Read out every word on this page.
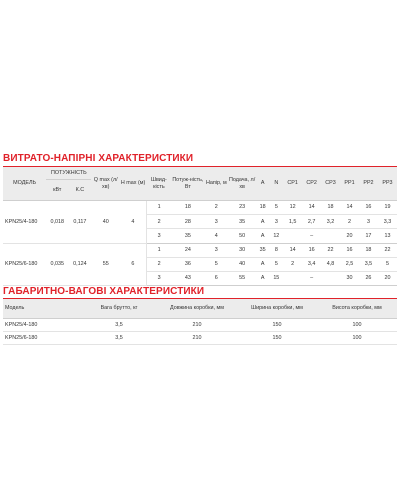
ВИТРАТО-НАПІРНІ ХАРАКТЕРИСТИКИ
МОДЕЛЬ	ПОТУЖНІСТЬ		Q max (л/хв)	H max (м)	Швид-кість	Потуж-ність, Вт	Напір, м	Подача, л/хв	A	N	CP1	CP2	CP3	PP1	PP2	PP3
	кВт	К.С														
KPN25/4-180	0,018	0,117	40	4	1	18	2	23	18	5	12	14	18	14	16	19
					2	28	3	35	A	3	1,5	2,7	3,2	2	3	3,3
					3	35	4	50	A	12		–		20	17	13
KPN25/6-180	0,035	0,124	55	6	1	24	3	30	35	8	14	16	22	16	18	22
					2	36	5	40	A	5	2	3,4	4,8	2,5	3,5	5
					3	43	6	55	A	15		–		30	26	20
ГАБАРИТНО-ВАГОВІ ХАРАКТЕРИСТИКИ
Модель	Вага брутто, кг	Довжина коробки, мм	Ширина коробки, мм	Висота коробки, мм
KPN25/4-180	3,5	210	150	100
KPN25/6-180	3,5	210	150	100
